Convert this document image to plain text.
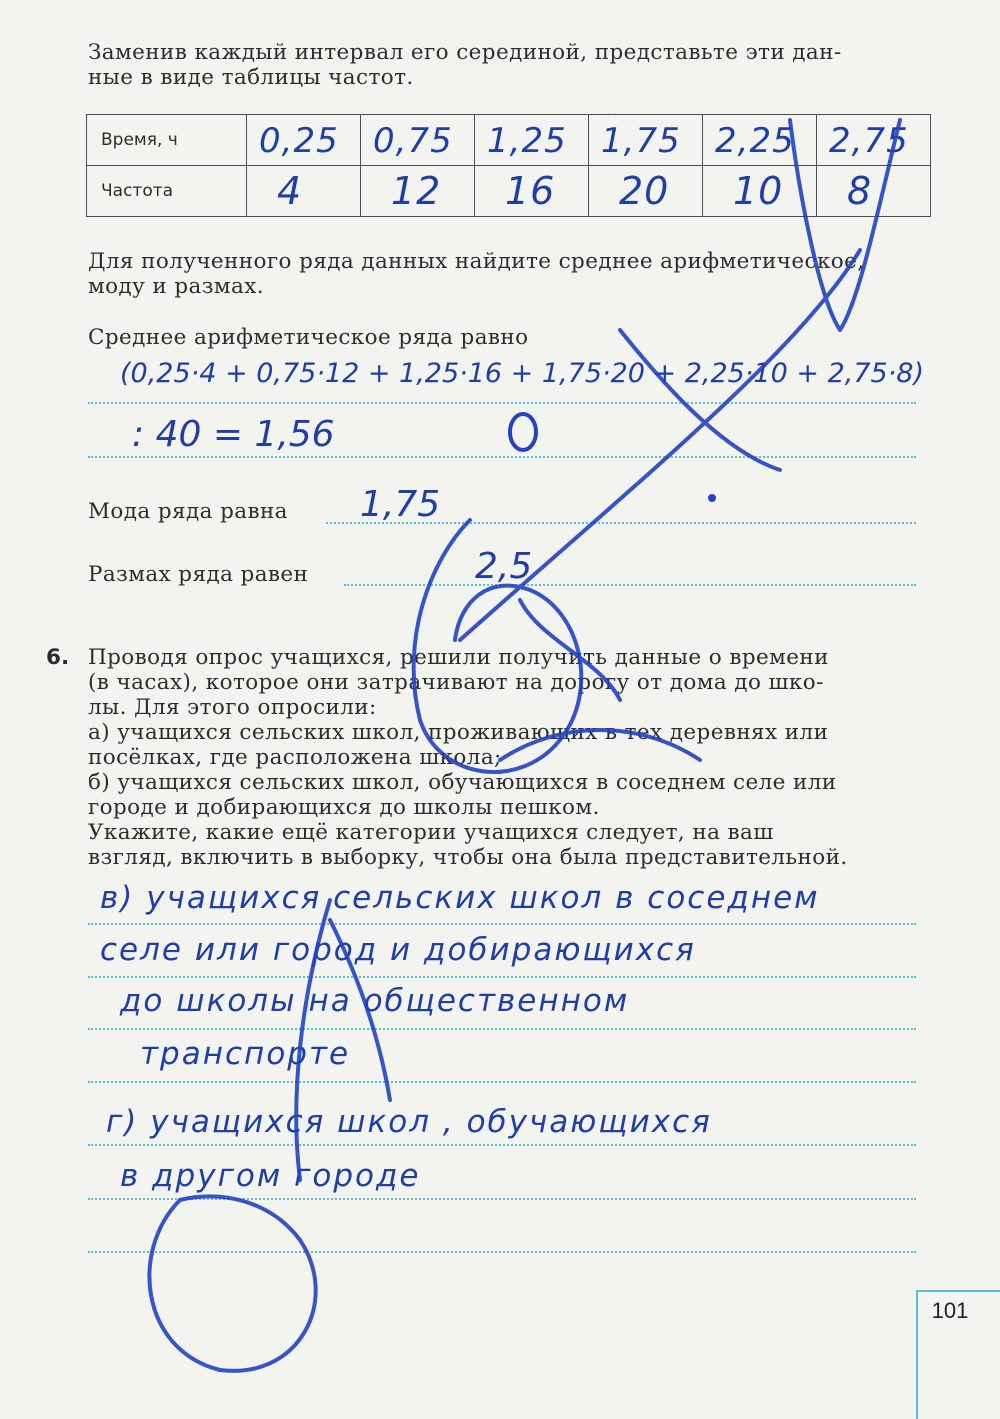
…
Заменив каждый интервал его серединой, представьте эти дан-
ные в виде таблицы частот.
Время, ч	0,25	0,75	1,25	1,75	2,25	2,75

Частота	4	12	16	20	10	8
Для полученного ряда данных найдите среднее арифметическое,
моду и размах.
Среднее арифметическое ряда равно
(0,25·4 + 0,75·12 + 1,25·16 + 1,75·20 + 2,25·10 + 2,75·8)
: 40 = 1,56
Мода ряда равна 1,75
Размах ряда равен	2,5
6. Проводя опрос учащихся, решили получить данные о времени
(в часах), которое они затрачивают на дорогу от дома до шко-
лы. Для этого опросили:
а) учащихся сельских школ, проживающих в тех деревнях или
посёлках, где расположена школа;
б) учащихся сельских школ, обучающихся в соседнем селе или
городе и добирающихся до школы пешком.
Укажите, какие ещё категории учащихся следует, на ваш
взгляд, включить в выборку, чтобы она была представительной.
в) учащихся сельских школ в соседнем
селе или город и добирающихся
до школы на общественном
транспорте
г) учащихся школ , обучающихся
в другом городе
101
